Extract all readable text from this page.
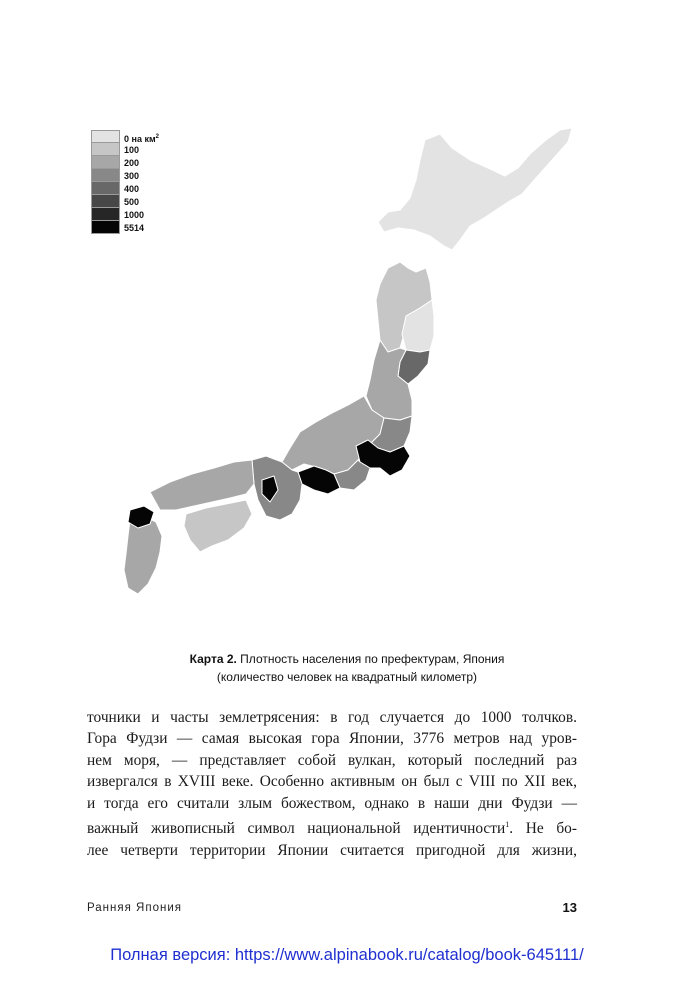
0 на $км^2$
100
200
300
400
500
1000
5514
Карта 2. Плотность населения по префектурам, Япония
(количество человек на квадратный километр)
точники и часты землетрясения: в год случается до 1000 толчков.
Гора Фудзи — самая высокая гора Японии, 3776 метров над уров-
нем моря, — представляет собой вулкан, который последний раз
извергался в XVIII веке. Особенно активным он был с VIII по XII век,
и тогда его считали злым божеством, однако в наши дни Фудзи —
важный живописный символ национальной идентичности$^1$. Не бо-
лее четверти территории Японии считается пригодной для жизни,
Ранняя Япония	13
Полная версия: https://www.alpinabook.ru/catalog/book-645111/
